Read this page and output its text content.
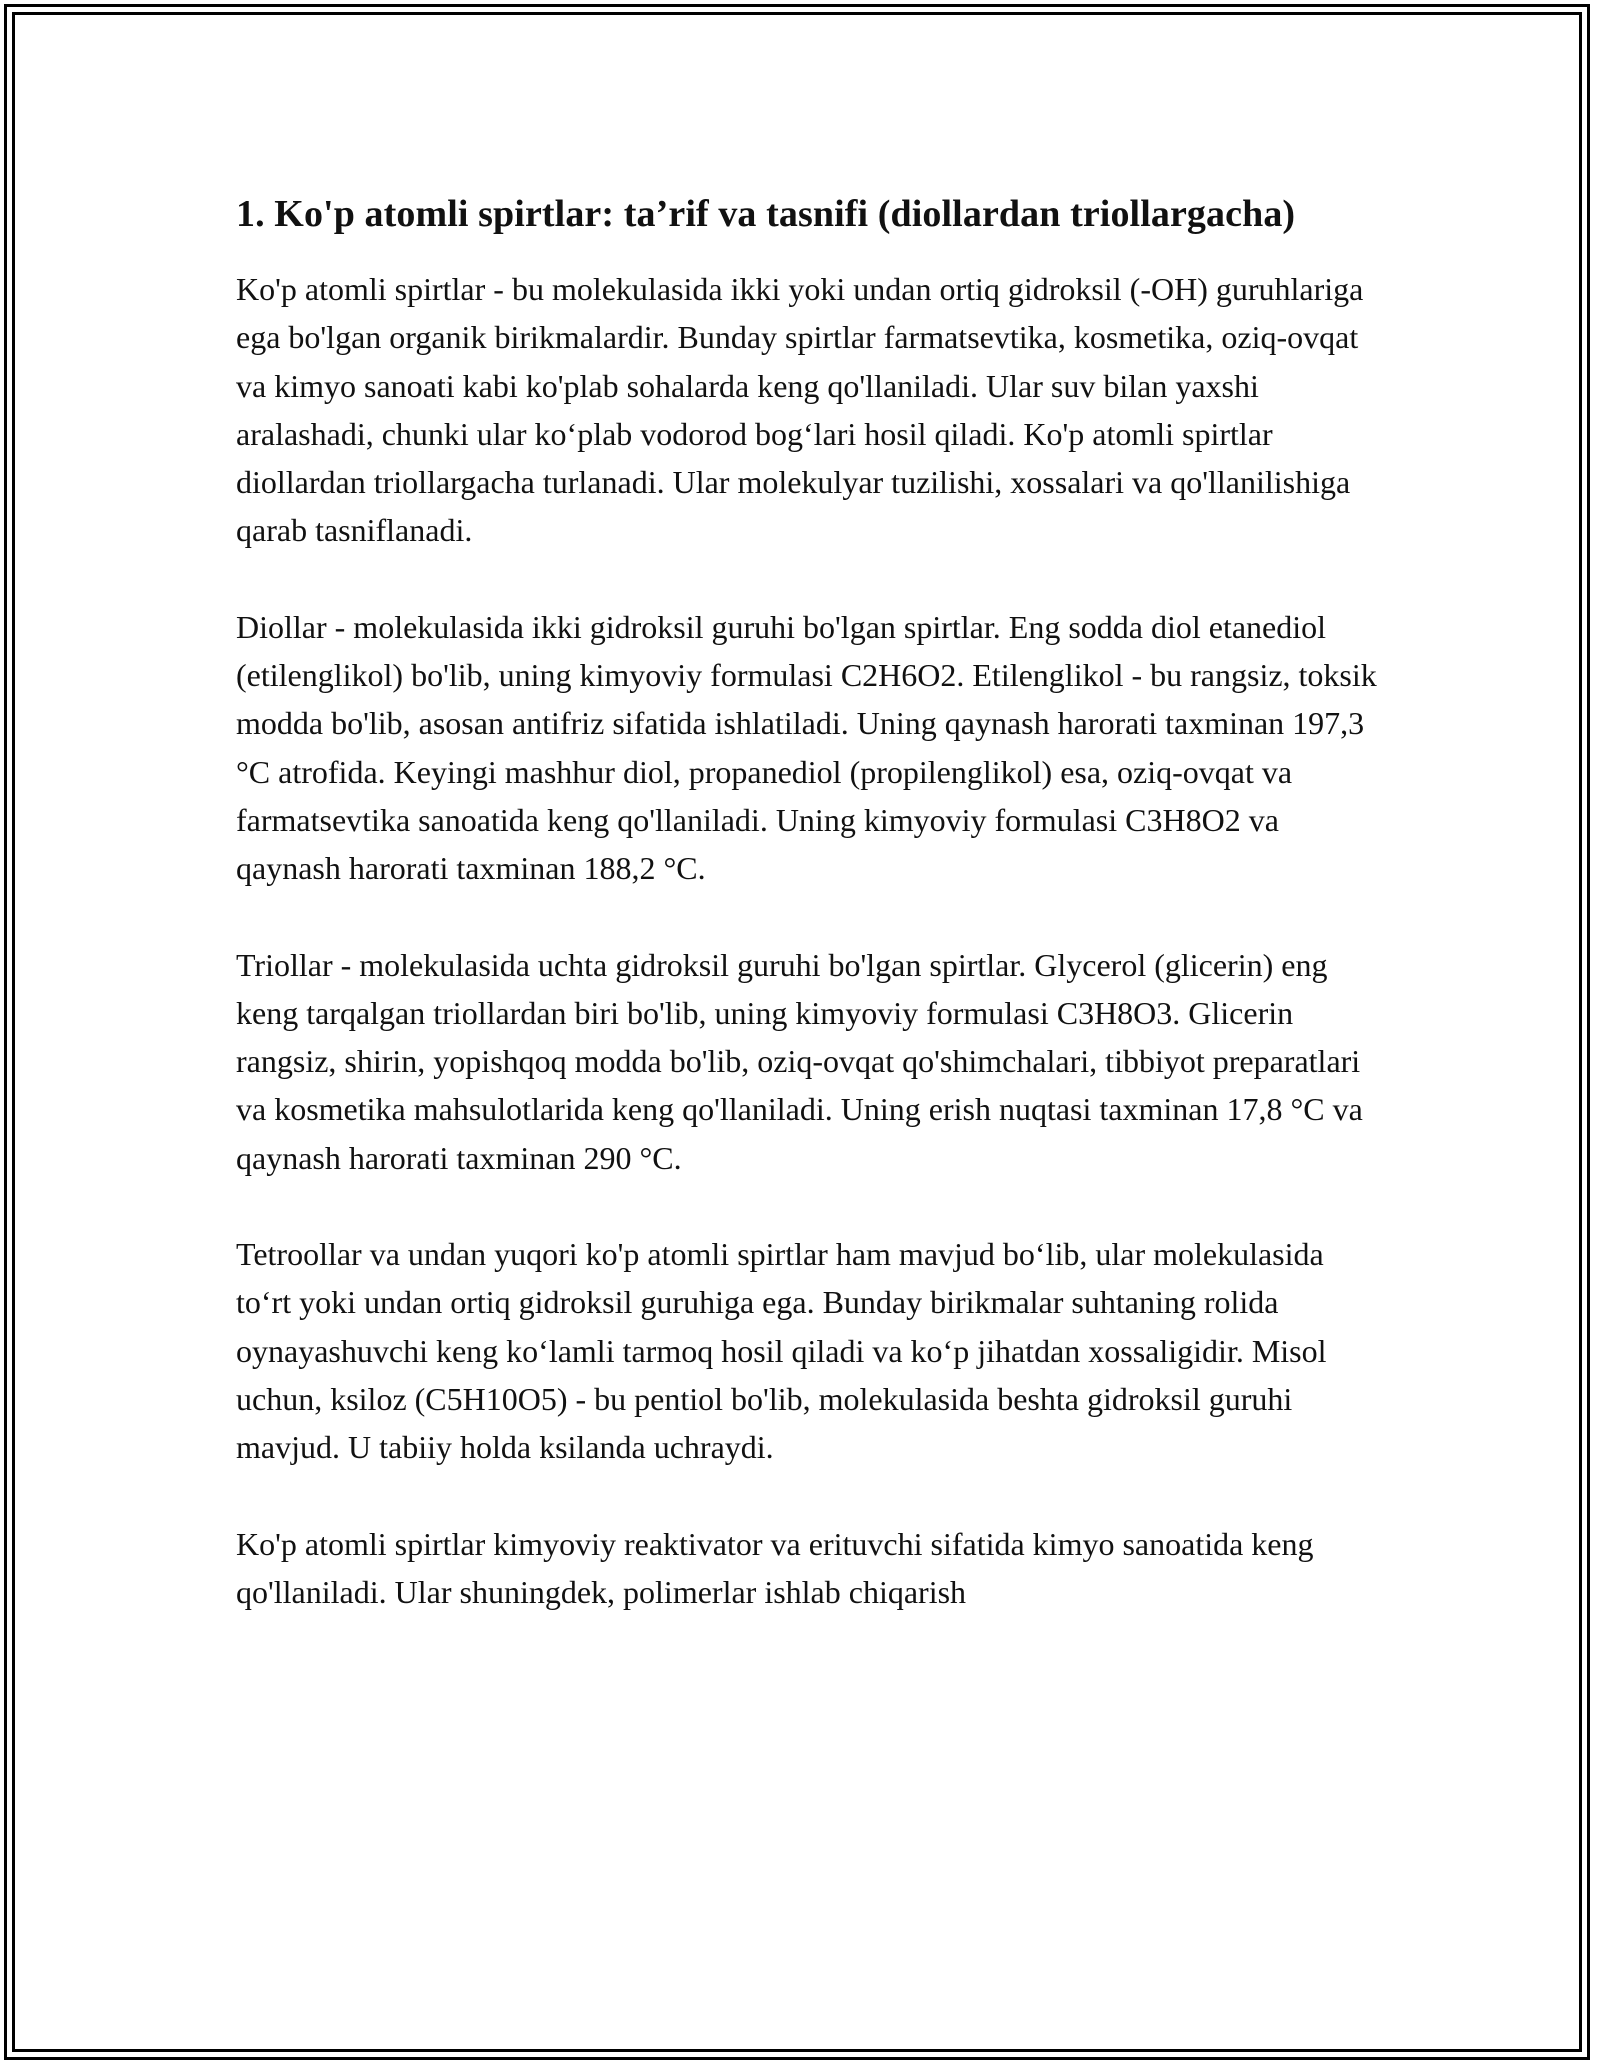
1. Ko'p atomli spirtlar: ta’rif va tasnifi (diollardan triollargacha)

Ko'p atomli spirtlar - bu molekulasida ikki yoki undan ortiq gidroksil (-OH) guruhlariga ega bo'lgan organik birikmalardir. Bunday spirtlar farmatsevtika, kosmetika, oziq-ovqat va kimyo sanoati kabi ko'plab sohalarda keng qo'llaniladi. Ular suv bilan yaxshi aralashadi, chunki ular ko‘plab vodorod bog‘lari hosil qiladi. Ko'p atomli spirtlar diollardan triollargacha turlanadi. Ular molekulyar tuzilishi, xossalari va qo'llanilishiga qarab tasniflanadi.

Diollar - molekulasida ikki gidroksil guruhi bo'lgan spirtlar. Eng sodda diol etanediol (etilenglikol) bo'lib, uning kimyoviy formulasi C2H6O2. Etilenglikol - bu rangsiz, toksik modda bo'lib, asosan antifriz sifatida ishlatiladi. Uning qaynash harorati taxminan 197,3 °C atrofida. Keyingi mashhur diol, propanediol (propilenglikol) esa, oziq-ovqat va farmatsevtika sanoatida keng qo'llaniladi. Uning kimyoviy formulasi C3H8O2 va qaynash harorati taxminan 188,2 °C.

Triollar - molekulasida uchta gidroksil guruhi bo'lgan spirtlar. Glycerol (glicerin) eng keng tarqalgan triollardan biri bo'lib, uning kimyoviy formulasi C3H8O3. Glicerin rangsiz, shirin, yopishqoq modda bo'lib, oziq-ovqat qo'shimchalari, tibbiyot preparatlari va kosmetika mahsulotlarida keng qo'llaniladi. Uning erish nuqtasi taxminan 17,8 °C va qaynash harorati taxminan 290 °C.

Tetroollar va undan yuqori ko'p atomli spirtlar ham mavjud bo‘lib, ular molekulasida to‘rt yoki undan ortiq gidroksil guruhiga ega. Bunday birikmalar suhtaning rolida oynayashuvchi keng ko‘lamli tarmoq hosil qiladi va ko‘p jihatdan xossaligidir. Misol uchun, ksiloz (C5H10O5) - bu pentiol bo'lib, molekulasida beshta gidroksil guruhi mavjud. U tabiiy holda ksilanda uchraydi.

Ko'p atomli spirtlar kimyoviy reaktivator va erituvchi sifatida kimyo sanoatida keng qo'llaniladi. Ular shuningdek, polimerlar ishlab chiqarish
